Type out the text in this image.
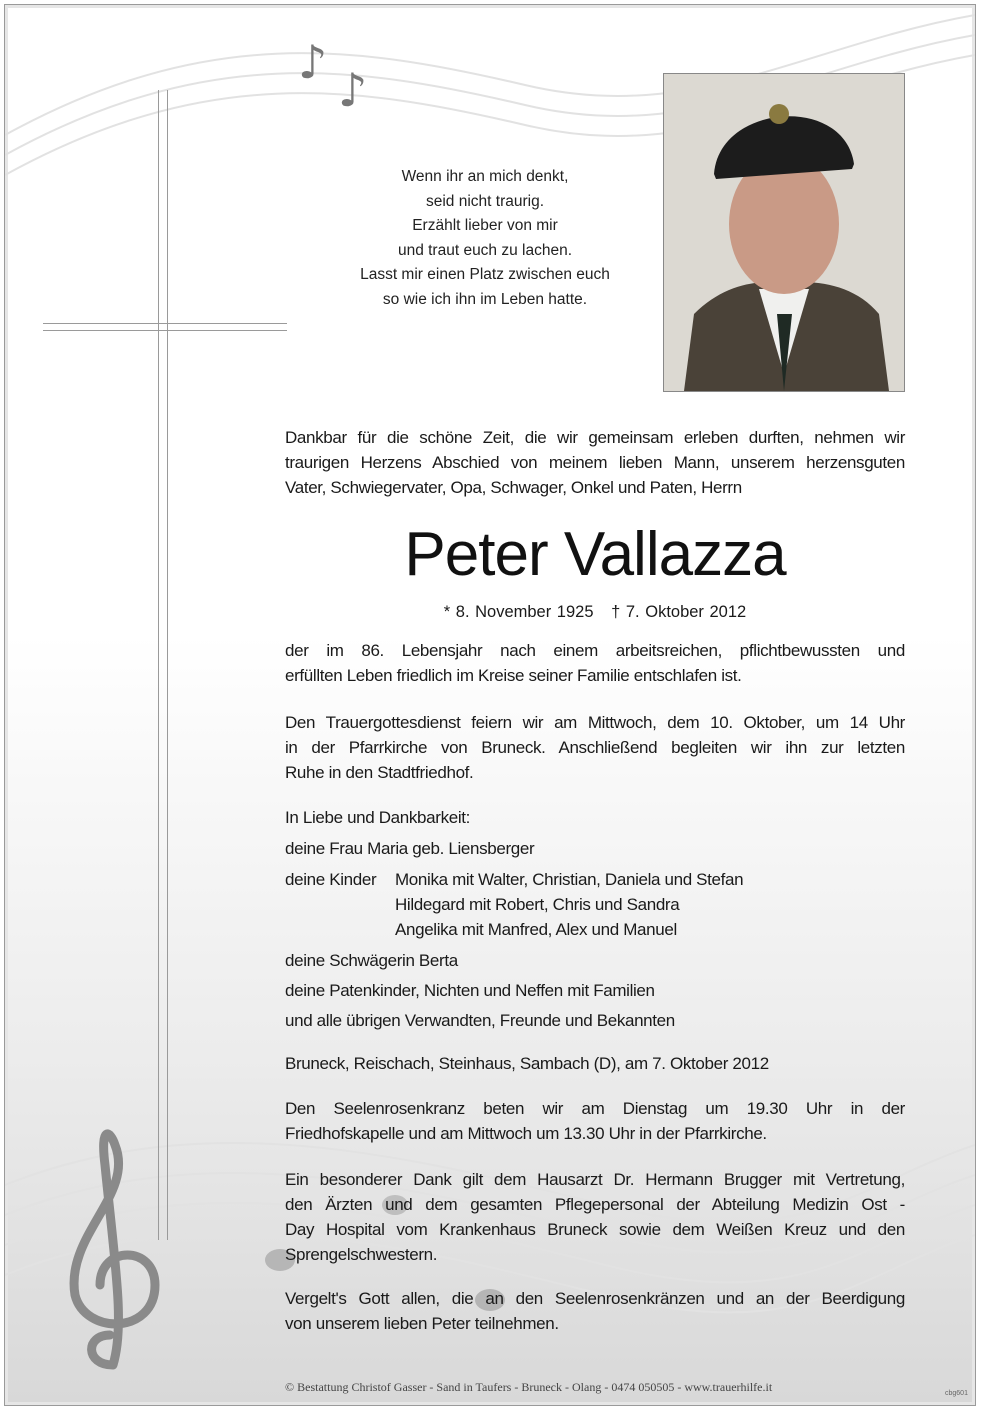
♪
♪
Wenn ihr an mich denkt,
seid nicht traurig.
Erzählt lieber von mir
und traut euch zu lachen.
Lasst mir einen Platz zwischen euch
so wie ich ihn im Leben hatte.
Dankbar für die schöne Zeit, die wir gemeinsam erleben durften, nehmen wir
traurigen Herzens Abschied von meinem lieben Mann, unserem herzensguten
Vater, Schwiegervater, Opa, Schwager, Onkel und Paten, Herrn
Peter Vallazza
* 8. November 1925 † 7. Oktober 2012
der im 86. Lebensjahr nach einem arbeitsreichen, pflichtbewussten und
erfüllten Leben friedlich im Kreise seiner Familie entschlafen ist.
Den Trauergottesdienst feiern wir am Mittwoch, dem 10. Oktober, um 14 Uhr
in der Pfarrkirche von Bruneck. Anschließend begleiten wir ihn zur letzten
Ruhe in den Stadtfriedhof.
In Liebe und Dankbarkeit:
deine Frau Maria geb. Liensberger
deine Kinder	Monika mit Walter, Christian, Daniela und Stefan
Hildegard mit Robert, Chris und Sandra
Angelika mit Manfred, Alex und Manuel
deine Schwägerin Berta
deine Patenkinder, Nichten und Neffen mit Familien
und alle übrigen Verwandten, Freunde und Bekannten
Bruneck, Reischach, Steinhaus, Sambach (D), am 7. Oktober 2012
Den Seelenrosenkranz beten wir am Dienstag um 19.30 Uhr in der
Friedhofskapelle und am Mittwoch um 13.30 Uhr in der Pfarrkirche.
Ein besonderer Dank gilt dem Hausarzt Dr. Hermann Brugger mit Vertretung,
den Ärzten und dem gesamten Pflegepersonal der Abteilung Medizin Ost -
Day Hospital vom Krankenhaus Bruneck sowie dem Weißen Kreuz und den
Sprengelschwestern.
Vergelt's Gott allen, die an den Seelenrosenkränzen und an der Beerdigung
von unserem lieben Peter teilnehmen.
© Bestattung Christof Gasser - Sand in Taufers - Bruneck - Olang - 0474 050505 - www.trauerhilfe.it	cbg601
